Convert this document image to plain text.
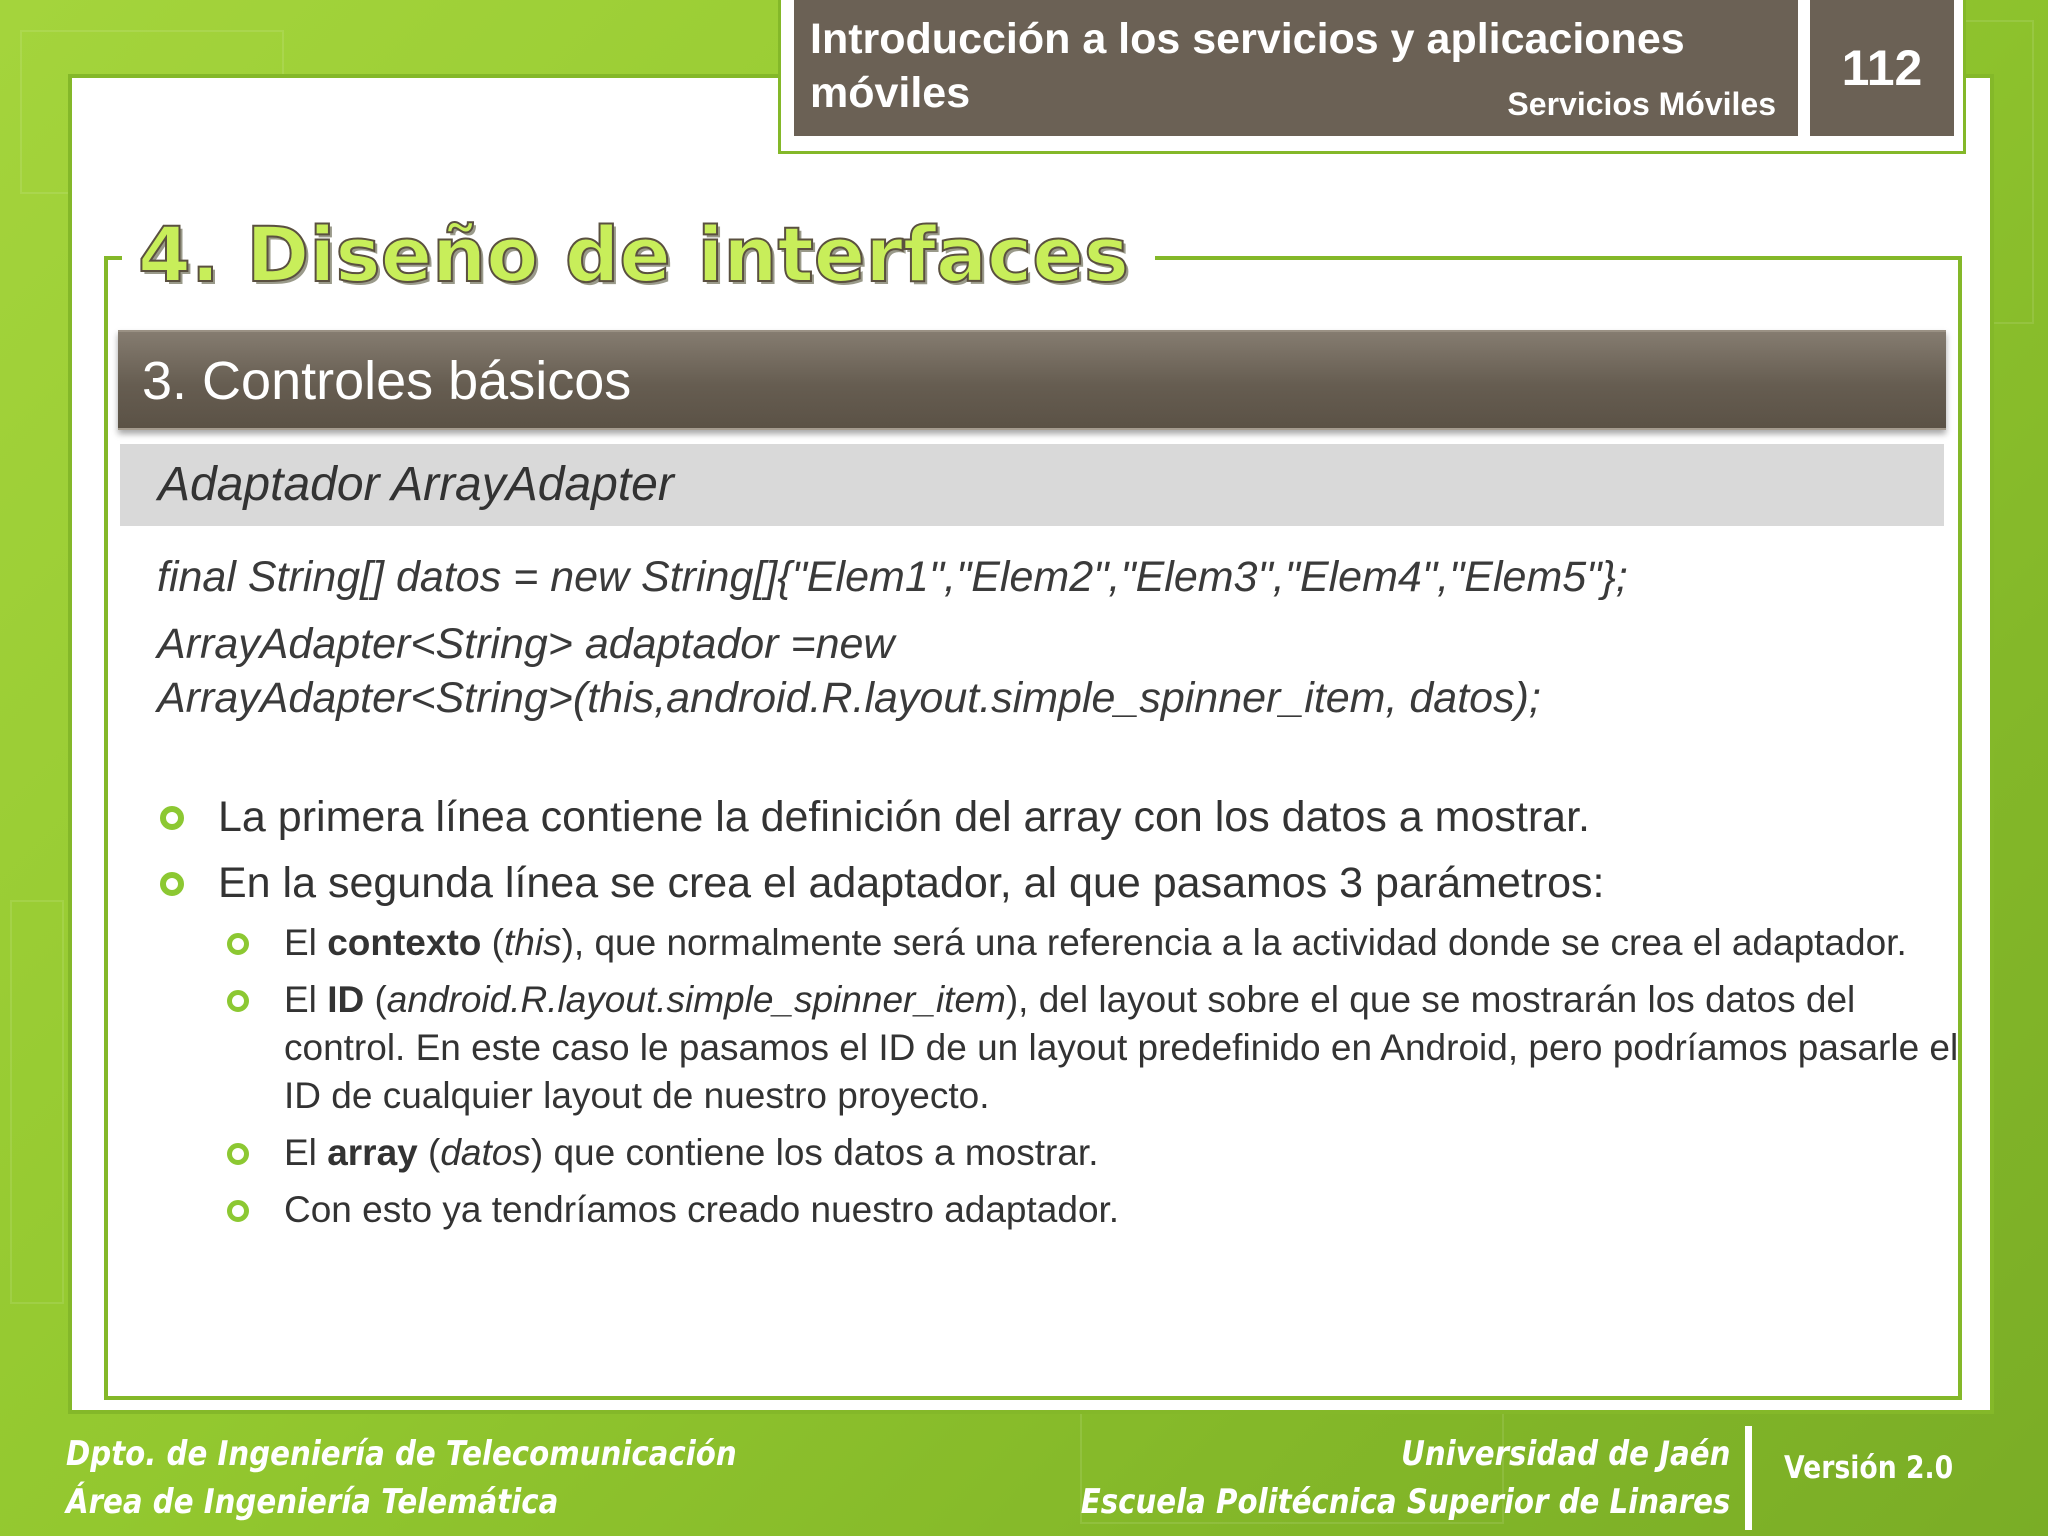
Introducción a los servicios y aplicaciones móviles	Servicios Móviles
112
4. Diseño de interfaces
3. Controles básicos
Adaptador ArrayAdapter

final String[] datos = new String[]{"Elem1","Elem2","Elem3","Elem4","Elem5"};

ArrayAdapter<String> adaptador =new

ArrayAdapter<String>(this,android.R.layout.simple_spinner_item, datos);

La primera línea contiene la definición del array con los datos a mostrar.
En la segunda línea se crea el adaptador, al que pasamos 3 parámetros:
El contexto (this), que normalmente será una referencia a la actividad donde se crea el adaptador.
El ID (android.R.layout.simple_spinner_item), del layout sobre el que se mostrarán los datos del control. En este caso le pasamos el ID de un layout predefinido en Android, pero podríamos pasarle el ID de cualquier layout de nuestro proyecto.
El array (datos) que contiene los datos a mostrar.
Con esto ya tendríamos creado nuestro adaptador.
Dpto. de Ingeniería de Telecomunicación
Área de Ingeniería Telemática
Universidad de Jaén
Escuela Politécnica Superior de Linares
Versión 2.0
